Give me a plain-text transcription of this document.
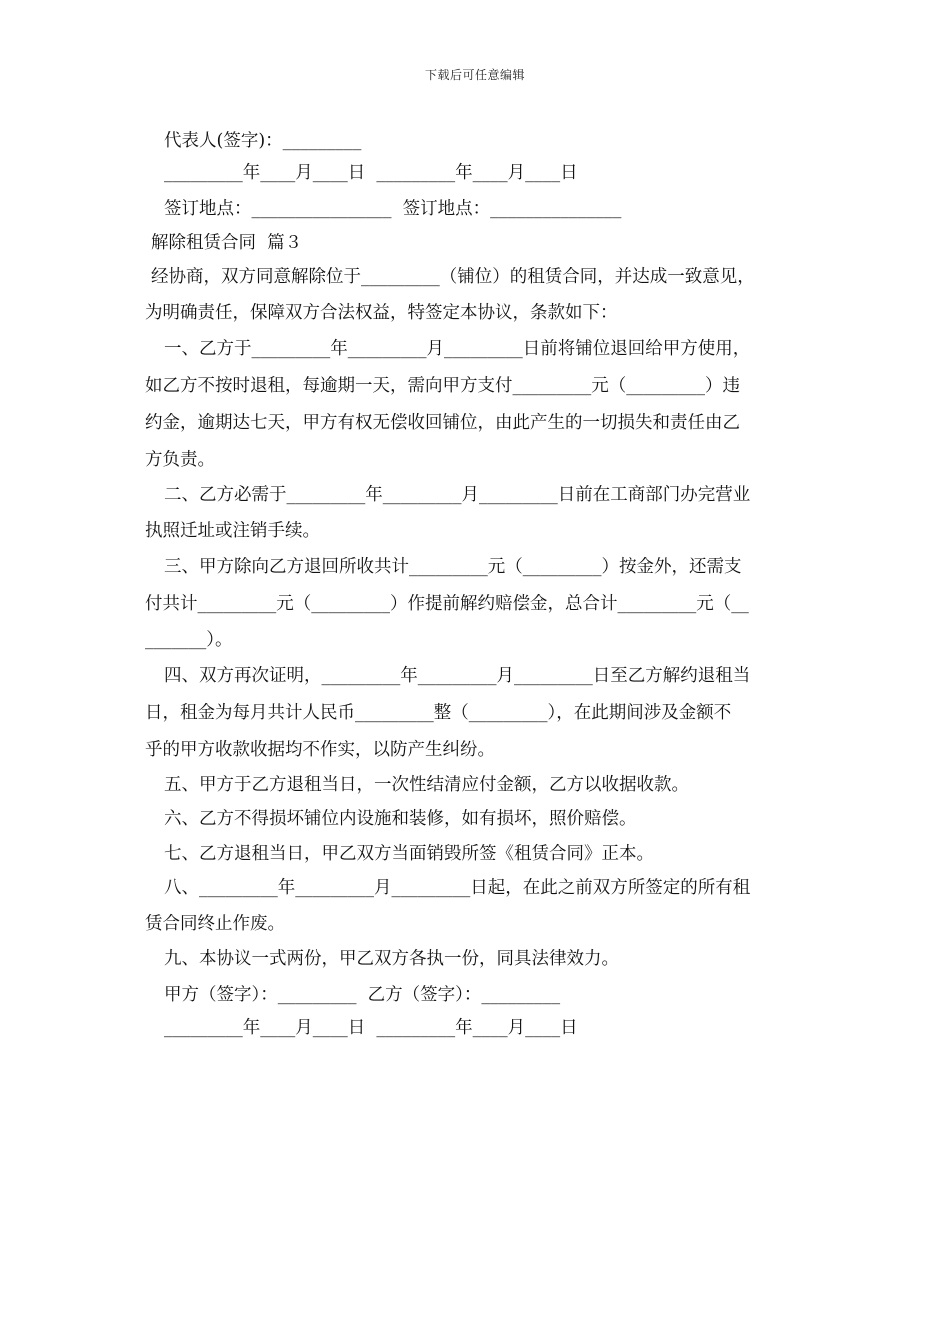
下载后可任意编辑
代表人(签字)：_________
_________年____月____日  _________年____月____日
签订地点：________________  签订地点：_______________
解除租赁合同  篇３
经协商，双方同意解除位于_________（铺位）的租赁合同，并达成一致意见，
为明确责任，保障双方合法权益，特签定本协议，条款如下：
一、乙方于_________年_________月_________日前将铺位退回给甲方使用，
如乙方不按时退租，每逾期一天，需向甲方支付_________元（_________）违
约金，逾期达七天，甲方有权无偿收回铺位，由此产生的一切损失和责任由乙
方负责。
二、乙方必需于_________年_________月_________日前在工商部门办完营业
执照迁址或注销手续。
三、甲方除向乙方退回所收共计_________元（_________）按金外，还需支
付共计_________元（_________）作提前解约赔偿金，总合计_________元（__
_______）。
四、双方再次证明，_________年_________月_________日至乙方解约退租当
日，租金为每月共计人民币_________整（_________），在此期间涉及金额不
乎的甲方收款收据均不作实，以防产生纠纷。
五、甲方于乙方退租当日，一次性结清应付金额，乙方以收据收款。
六、乙方不得损坏铺位内设施和装修，如有损坏，照价赔偿。
七、乙方退租当日，甲乙双方当面销毁所签《租赁合同》正本。
八、_________年_________月_________日起，在此之前双方所签定的所有租
赁合同终止作废。
九、本协议一式两份，甲乙双方各执一份，同具法律效力。
甲方（签字）：_________  乙方（签字）：_________
_________年____月____日  _________年____月____日
